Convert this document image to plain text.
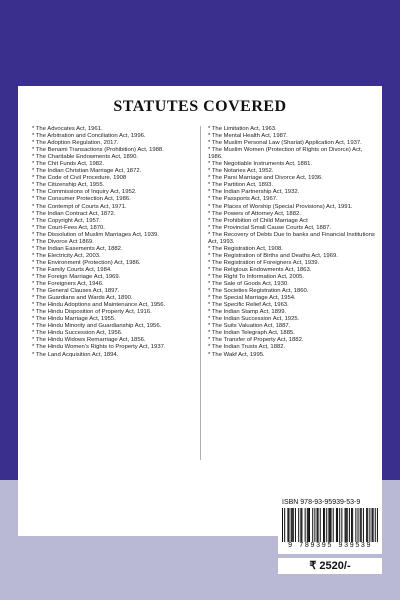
STATUTES COVERED
* The Advocates Act, 1961.
* The Arbitration and Conciliation Act, 1996.
* The Adoption Regulation, 2017.
* The Benami Transactions (Prohibition) Act, 1988.
* The Charitable Endowments Act, 1890.
* The Chit Funds Act, 1982.
* The Indian Christian Marriage Act, 1872.
* The Code of Civil Procedure, 1908
* The Citizenship Act, 1955.
* The Commissions of Inquiry Act, 1952.
* The Consumer Protection Act, 1986.
* The Contempt of Courts Act, 1971.
* The Indian Contract Act, 1872.
* The Copyright Act, 1957.
* The Court-Fees Act, 1870.
* The Dissolution of Muslim Marriages Act, 1939.
* The Divorce Act 1869.
* The Indian Easements Act, 1882.
* The Electricity Act, 2003.
* The Environment (Protection) Act, 1986.
* The Family Courts Act, 1984.
* The Foreign Marriage Act, 1969.
* The Foreigners Act, 1946.
* The General Clauses Act, 1897.
* The Guardians and Wards Act, 1890.
* The Hindu Adoptions and Maintenance Act, 1956.
* The Hindu Disposition of Property Act, 1916.
* The Hindu Marriage Act, 1955.
* The Hindu Minority and Guardianship Act, 1956.
* The Hindu Succession Act, 1956.
* The Hindu Widows Remarriage Act, 1856.
* The Hindu Women's Rights to Property Act, 1937.
* The Land Acquisition Act, 1894.
* The Limitation Act, 1963.
* The Mental Health Act, 1987.
* The Muslim Personal Law (Shariat) Application Act, 1937.
* The Muslim Women (Protection of Rights on Divorce) Act, 1986.
* The Negotiable Instruments Act, 1881.
* The Notaries Act, 1952.
* The Parsi Marriage and Divorce Act, 1936.
* The Partition Act, 1893.
* The Indian Partnership Act, 1932.
* The Passports Act, 1967.
* The Places of Worship (Special Provisions) Act, 1991.
* The Powers of Attorney Act, 1882.
* The Prohibition of Child Marriage Act
* The Provincial Small Cause Courts Act, 1887.
* The Recovery of Debts Due to banks and Financial Institutions Act, 1993.
* The Registration Act, 1908.
* The Registration of Births and Deaths Act, 1969.
* The Registration of Foreigners Act, 1939.
* The Religious Endowments Act, 1863.
* The Right To Information Act, 2005.
* The Sale of Goods Act, 1930.
* The Societies Registration Act, 1860.
* The Special Marriage Act, 1954.
* The Specific Relief Act, 1963.
* The Indian Stamp Act, 1899.
* The Indian Succession Act, 1925.
* The Suits Valuation Act, 1887.
* The Indian Telegraph Act, 1885.
* The Transfer of Property Act, 1882.
* The Indian Trusts Act, 1882.
* The Wakf Act, 1995.
ISBN 978-93-95939-53-9
9 789395 939539
₹ 2520/-
